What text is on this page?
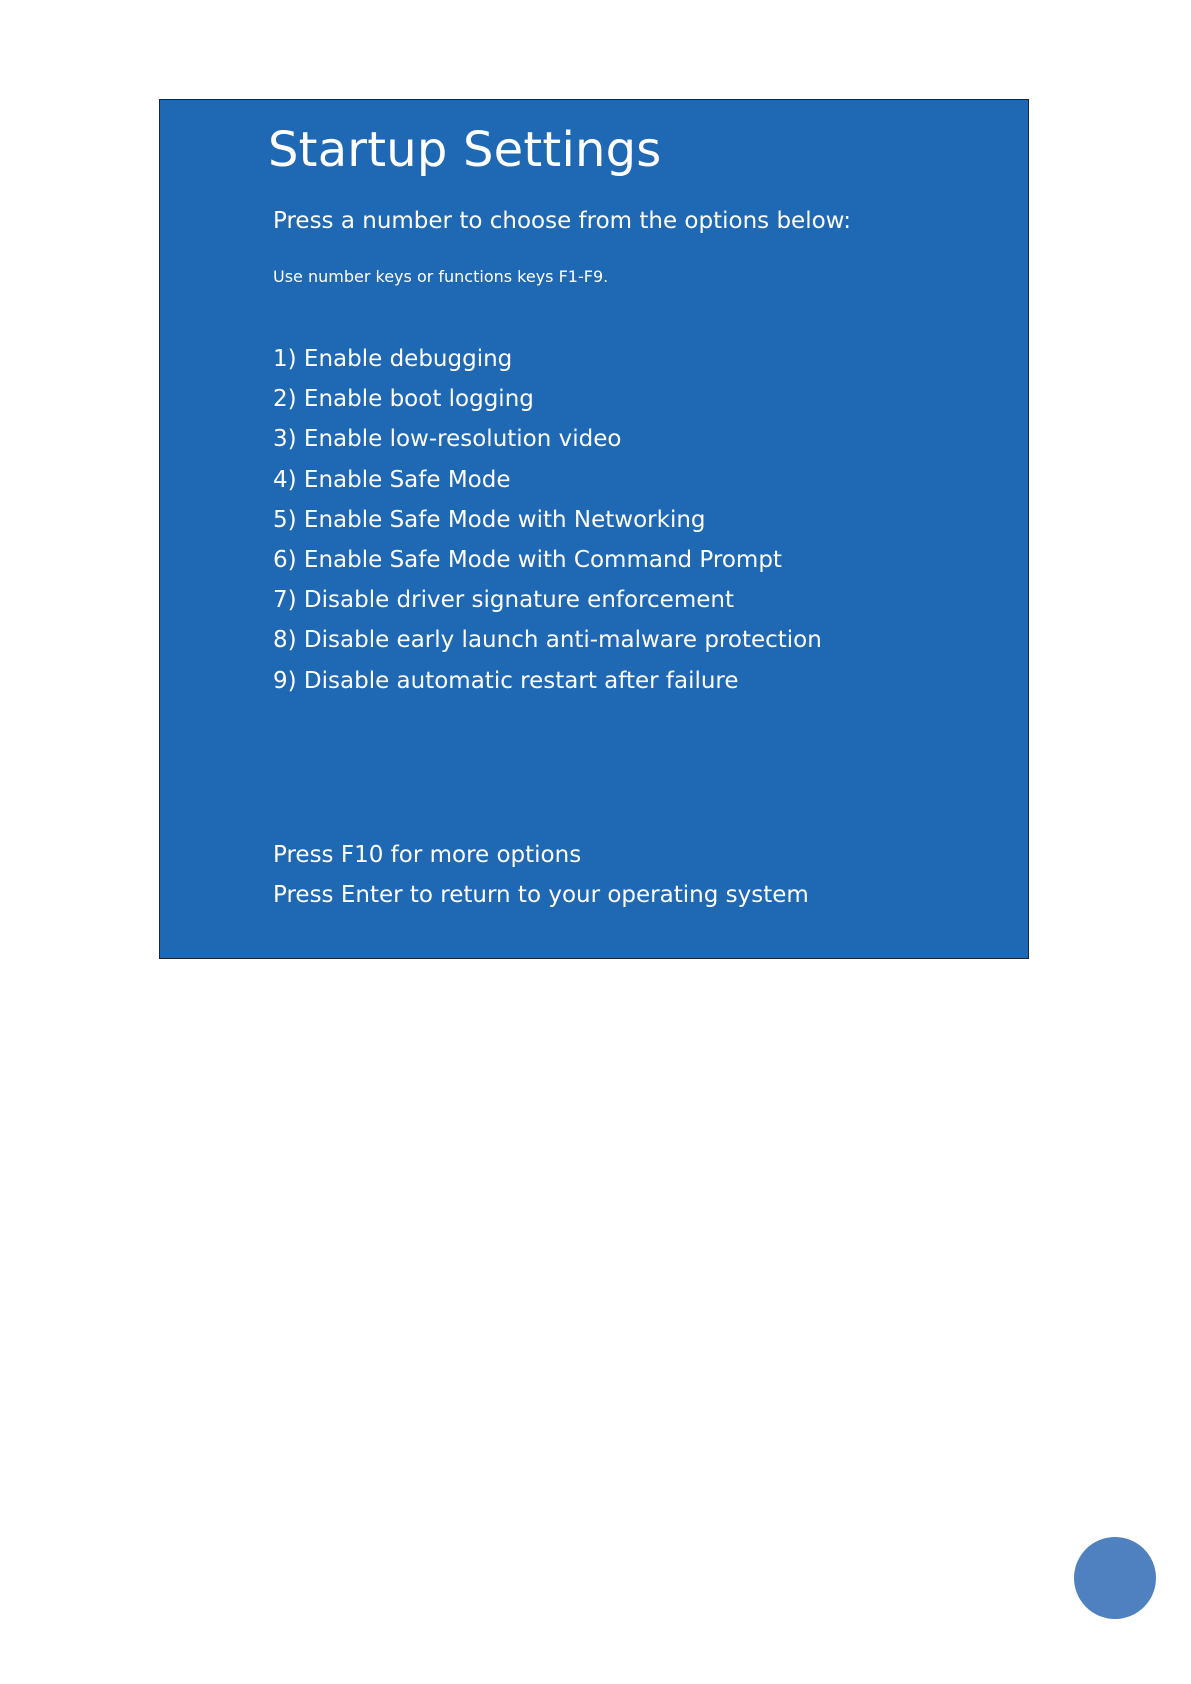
Startup Settings

Press a number to choose from the options below:

Use number keys or functions keys F1-F9.

1) Enable debugging
2) Enable boot logging
3) Enable low-resolution video
4) Enable Safe Mode
5) Enable Safe Mode with Networking
6) Enable Safe Mode with Command Prompt
7) Disable driver signature enforcement
8) Disable early launch anti-malware protection
9) Disable automatic restart after failure
Press F10 for more options
Press Enter to return to your operating system
